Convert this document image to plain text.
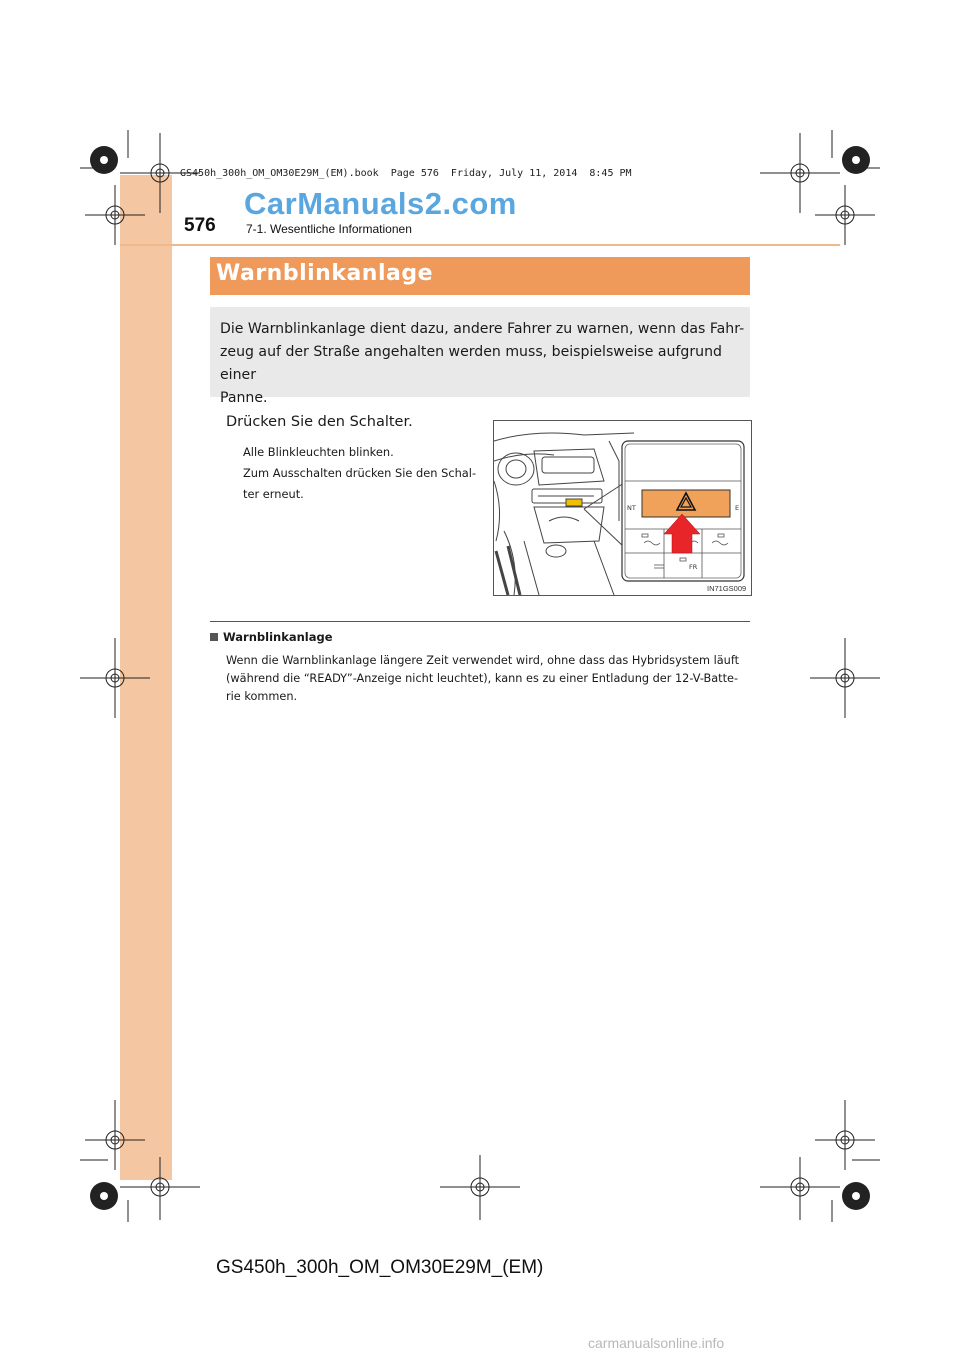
GS450h_300h_OM_OM30E29M_(EM).book  Page 576  Friday, July 11, 2014  8:45 PM
CarManuals2.com
576	7-1. Wesentliche Informationen
Warnblinkanlage

Die Warnblinkanlage dient dazu, andere Fahrer zu warnen, wenn das Fahr-
zeug auf der Straße angehalten werden muss, beispielsweise aufgrund einer
Panne.

Drücken Sie den Schalter.
Alle Blinkleuchten blinken.
Zum Ausschalten drücken Sie den Schal-
ter erneut.
NT	E
FR
IN71GS009
Warnblinkanlage
Wenn die Warnblinkanlage längere Zeit verwendet wird, ohne dass das Hybridsystem läuft
(während die “READY”-Anzeige nicht leuchtet), kann es zu einer Entladung der 12-V-Batte-
rie kommen.
GS450h_300h_OM_OM30E29M_(EM)
carmanualsonline.info
